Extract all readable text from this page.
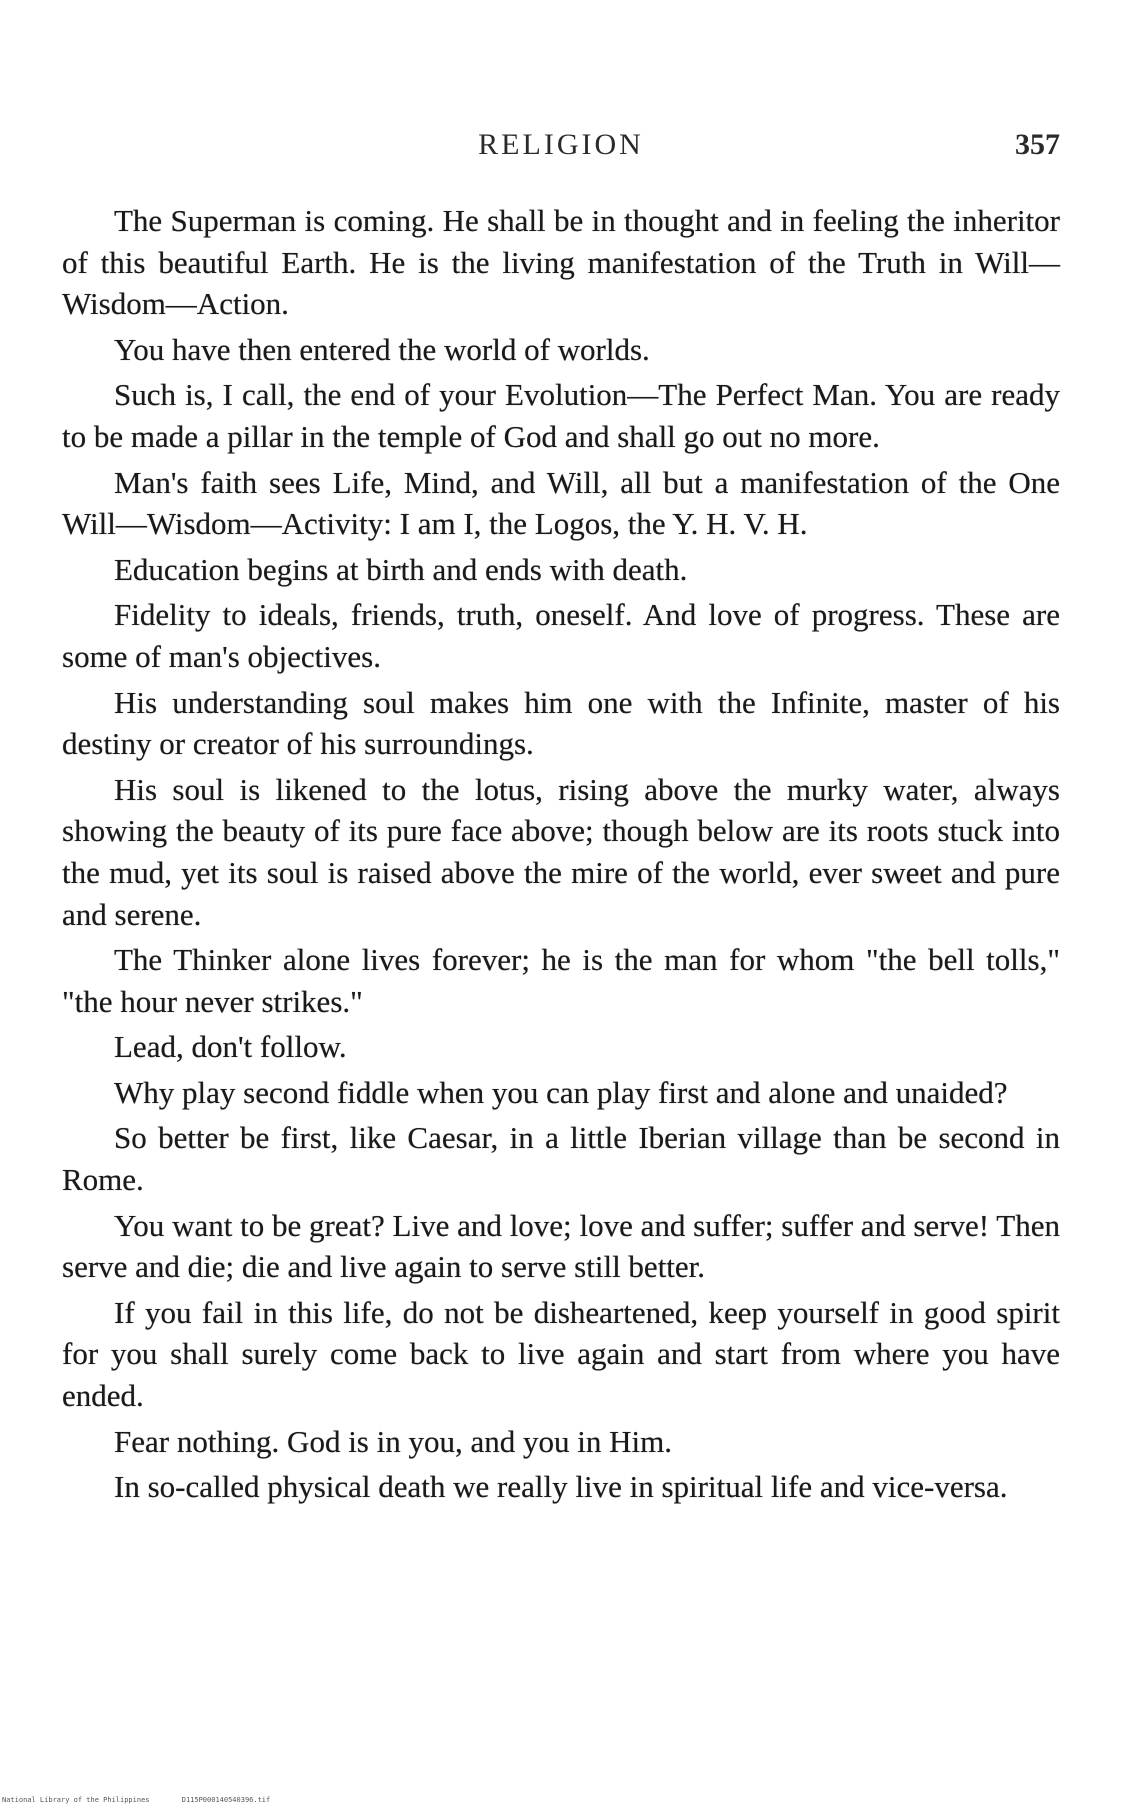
RELIGION	357

The Superman is coming. He shall be in thought and in feeling the inheritor of this beautiful Earth. He is the living manifestation of the Truth in Will—Wisdom—Action.

You have then entered the world of worlds.

Such is, I call, the end of your Evolution—The Perfect Man. You are ready to be made a pillar in the temple of God and shall go out no more.

Man's faith sees Life, Mind, and Will, all but a manifestation of the One Will—Wisdom—Activity: I am I, the Logos, the Y. H. V. H.

Education begins at birth and ends with death.

Fidelity to ideals, friends, truth, oneself. And love of progress. These are some of man's objectives.

His understanding soul makes him one with the Infinite, master of his destiny or creator of his surroundings.

His soul is likened to the lotus, rising above the murky water, always showing the beauty of its pure face above; though below are its roots stuck into the mud, yet its soul is raised above the mire of the world, ever sweet and pure and serene.

The Thinker alone lives forever; he is the man for whom "the bell tolls," "the hour never strikes."

Lead, don't follow.

Why play second fiddle when you can play first and alone and unaided?

So better be first, like Caesar, in a little Iberian village than be second in Rome.

You want to be great? Live and love; love and suffer; suffer and serve! Then serve and die; die and live again to serve still better.

If you fail in this life, do not be disheartened, keep yourself in good spirit for you shall surely come back to live again and start from where you have ended.

Fear nothing. God is in you, and you in Him.

In so-called physical death we really live in spiritual life and vice-versa.

National Library of the Philippines	D115P000140540396.tif
